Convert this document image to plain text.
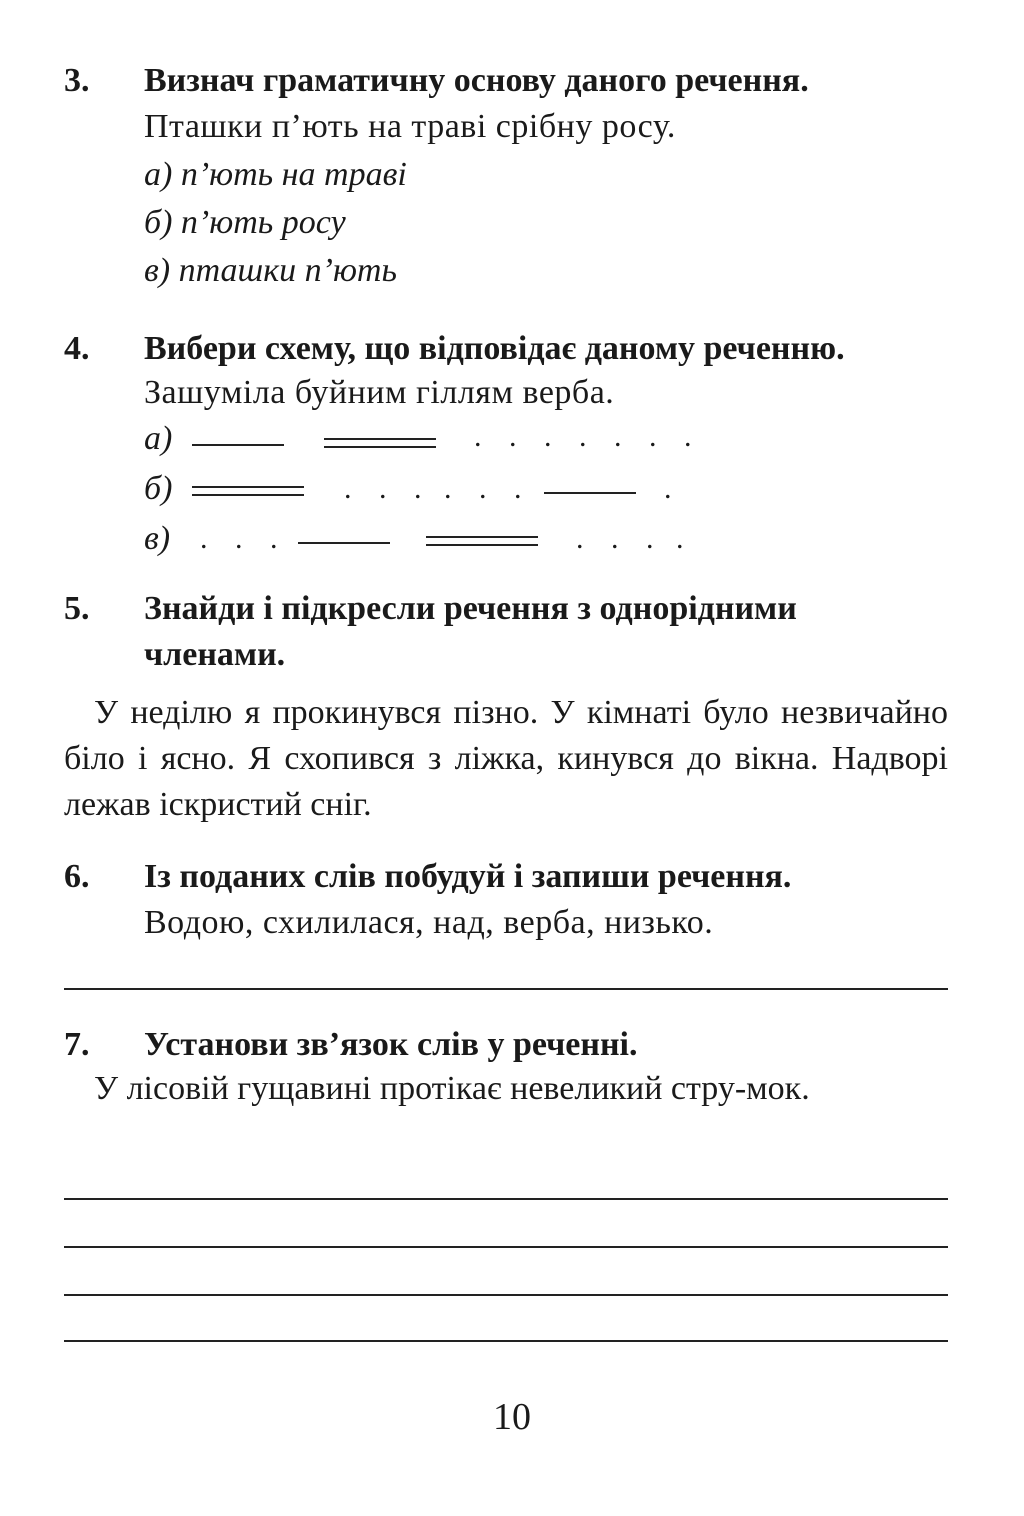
3. Визнач граматичну основу даного речення.
Пташки п’ють на траві срібну росу.
а) п’ють на траві
б) п’ють росу
в) пташки п’ють
4. Вибери схему, що відповідає даному реченню.
Зашуміла буйним гіллям верба.
а)	. . . . . . .
б)	. . . . . .	.
в) . . .	. . . .
5. Знайди і підкресли речення з однорідними
членами.
У неділю я прокинувся пізно. У кімнаті було незвичайно біло і ясно. Я схопився з ліжка, кинувся до вікна. Надворі лежав іскристий сніг.
6. Із поданих слів побудуй і запиши речення.
Водою, схилилася, над, верба, низько.
7. Установи зв’язок слів у реченні.
У лісовій гущавині протікає невеликий стру-мок.
10
